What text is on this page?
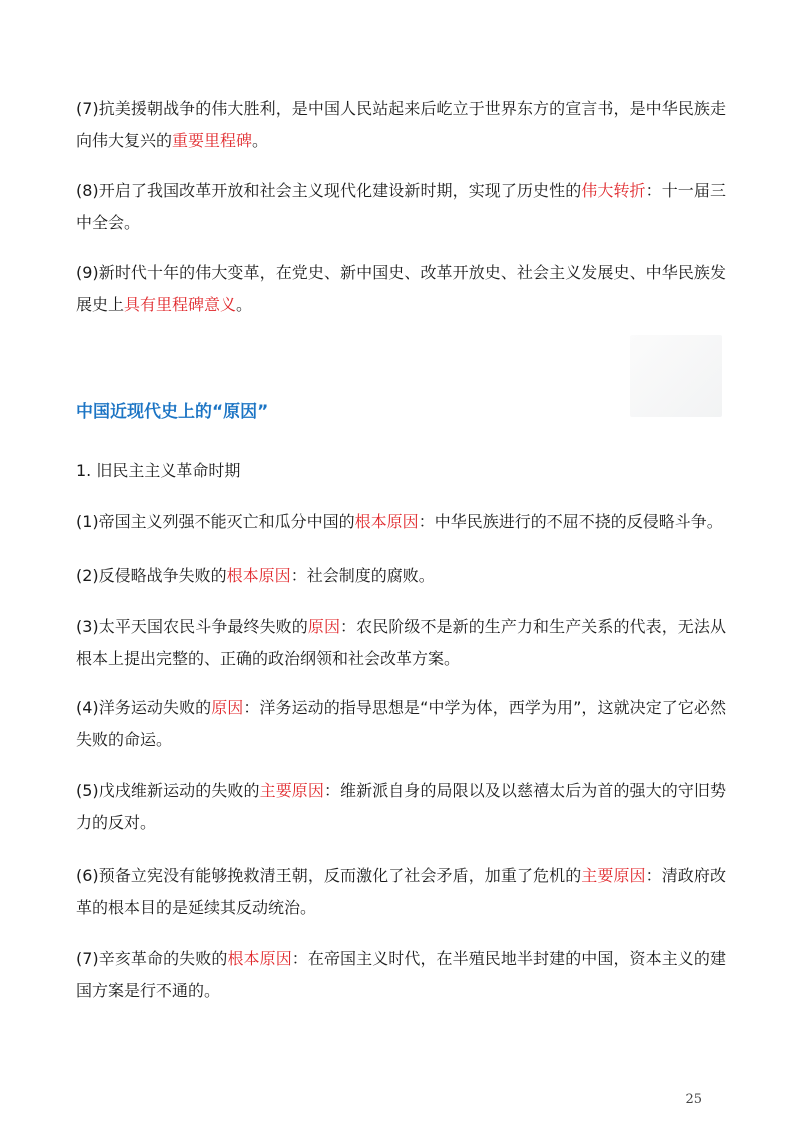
(7)抗美援朝战争的伟大胜利，是中国人民站起来后屹立于世界东方的宣言书，是中华民族走向伟大复兴的重要里程碑。

(8)开启了我国改革开放和社会主义现代化建设新时期，实现了历史性的伟大转折：十一届三中全会。

(9)新时代十年的伟大变革，在党史、新中国史、改革开放史、社会主义发展史、中华民族发展史上具有里程碑意义。

中国近现代史上的“原因”

1. 旧民主主义革命时期

(1)帝国主义列强不能灭亡和瓜分中国的根本原因：中华民族进行的不屈不挠的反侵略斗争。

(2)反侵略战争失败的根本原因：社会制度的腐败。

(3)太平天国农民斗争最终失败的原因：农民阶级不是新的生产力和生产关系的代表，无法从根本上提出完整的、正确的政治纲领和社会改革方案。

(4)洋务运动失败的原因：洋务运动的指导思想是“中学为体，西学为用”，这就决定了它必然失败的命运。

(5)戊戌维新运动的失败的主要原因：维新派自身的局限以及以慈禧太后为首的强大的守旧势力的反对。

(6)预备立宪没有能够挽救清王朝，反而激化了社会矛盾，加重了危机的主要原因：清政府改革的根本目的是延续其反动统治。

(7)辛亥革命的失败的根本原因：在帝国主义时代，在半殖民地半封建的中国，资本主义的建国方案是行不通的。

25
